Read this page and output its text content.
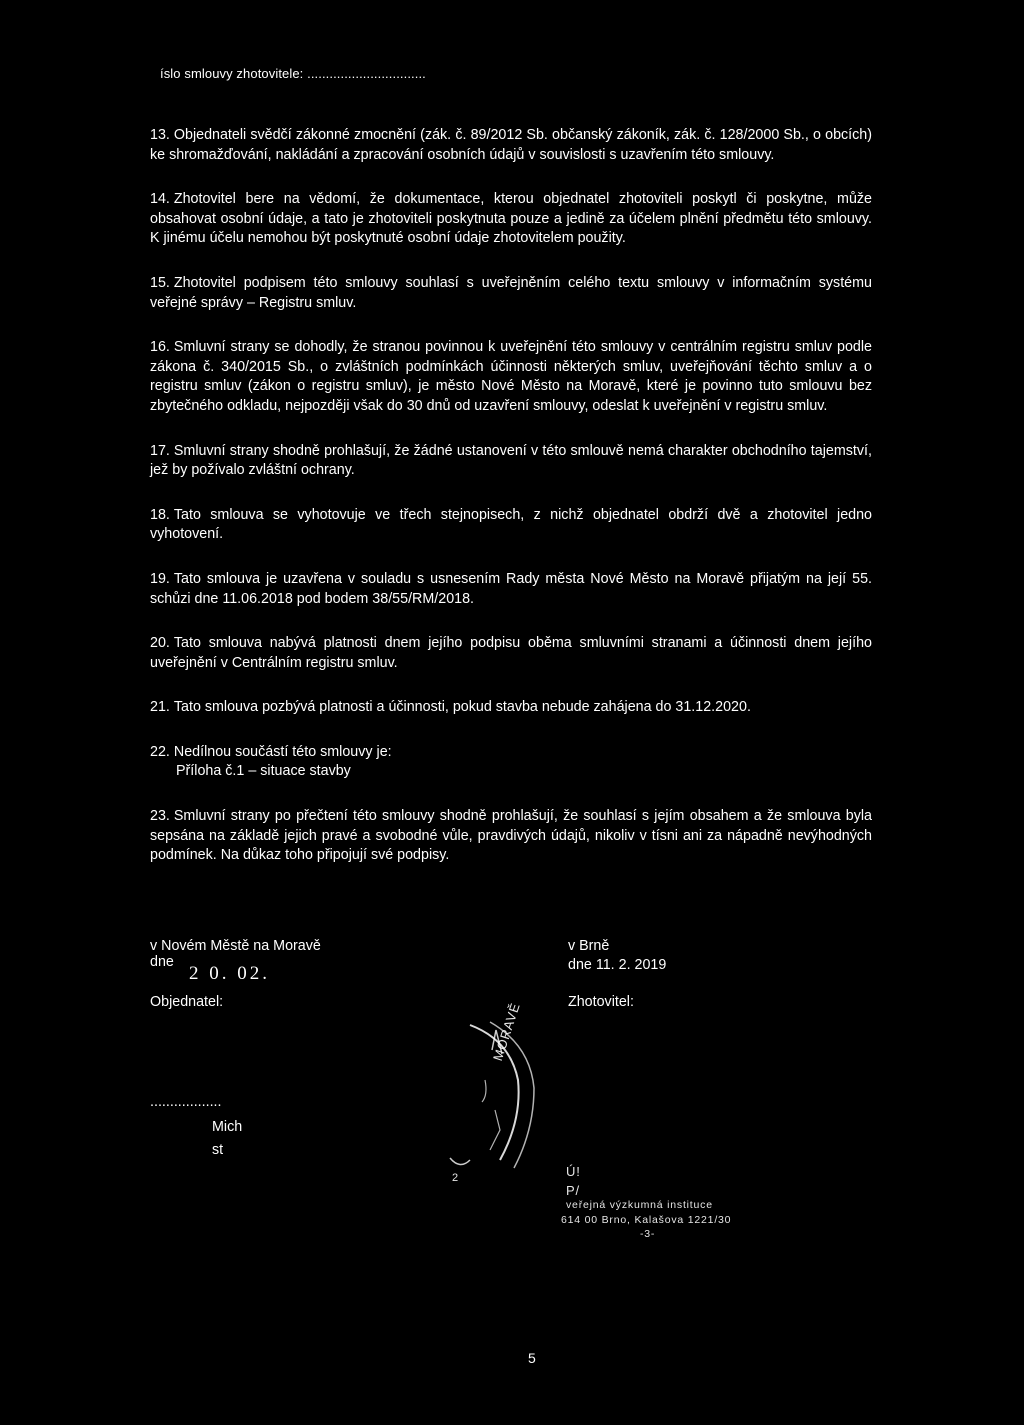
íslo smlouvy zhotovitele: ................................

13. Objednateli svědčí zákonné zmocnění (zák. č. 89/2012 Sb. občanský zákoník, zák. č. 128/2000 Sb., o obcích) ke shromažďování, nakládání a zpracování osobních údajů v souvislosti s uzavřením této smlouvy.

14. Zhotovitel bere na vědomí, že dokumentace, kterou objednatel zhotoviteli poskytl či poskytne, může obsahovat osobní údaje, a tato je zhotoviteli poskytnuta pouze a jedině za účelem plnění předmětu této smlouvy. K jinému účelu nemohou být poskytnuté osobní údaje zhotovitelem použity.

15. Zhotovitel podpisem této smlouvy souhlasí s uveřejněním celého textu smlouvy v informačním systému veřejné správy – Registru smluv.

16. Smluvní strany se dohodly, že stranou povinnou k uveřejnění této smlouvy v centrálním registru smluv podle zákona č. 340/2015 Sb., o zvláštních podmínkách účinnosti některých smluv, uveřejňování těchto smluv a o registru smluv (zákon o registru smluv), je město Nové Město na Moravě, které je povinno tuto smlouvu bez zbytečného odkladu, nejpozději však do 30 dnů od uzavření smlouvy, odeslat k uveřejnění v registru smluv.

17. Smluvní strany shodně prohlašují, že žádné ustanovení v této smlouvě nemá charakter obchodního tajemství, jež by požívalo zvláštní ochrany.

18. Tato smlouva se vyhotovuje ve třech stejnopisech, z nichž objednatel obdrží dvě a zhotovitel jedno vyhotovení.

19. Tato smlouva je uzavřena v souladu s usnesením Rady města Nové Město na Moravě přijatým na její 55. schůzi dne 11.06.2018 pod bodem 38/55/RM/2018.

20. Tato smlouva nabývá platnosti dnem jejího podpisu oběma smluvními stranami a účinnosti dnem jejího uveřejnění v Centrálním registru smluv.

21. Tato smlouva pozbývá platnosti a účinnosti, pokud stavba nebude zahájena do 31.12.2020.

22. Nedílnou součástí této smlouvy je:
Příloha č.1 – situace stavby

23. Smluvní strany po přečtení této smlouvy shodně prohlašují, že souhlasí s jejím obsahem a že smlouva byla sepsána na základě jejich pravé a svobodné vůle, pravdivých údajů, nikoliv v tísni ani za nápadně nevýhodných podmínek. Na důkaz toho připojují své podpisy.

v Novém Městě na Moravě
dne
2 0. 02.
Objednatel:
..................
Mich
st
v Brně
dne 11. 2. 2019
Zhotovitel:
MORAVĚ
2	Ú!
P/
veřejná výzkumná instituce
614 00 Brno, Kalašova 1221/30
-3-
5
